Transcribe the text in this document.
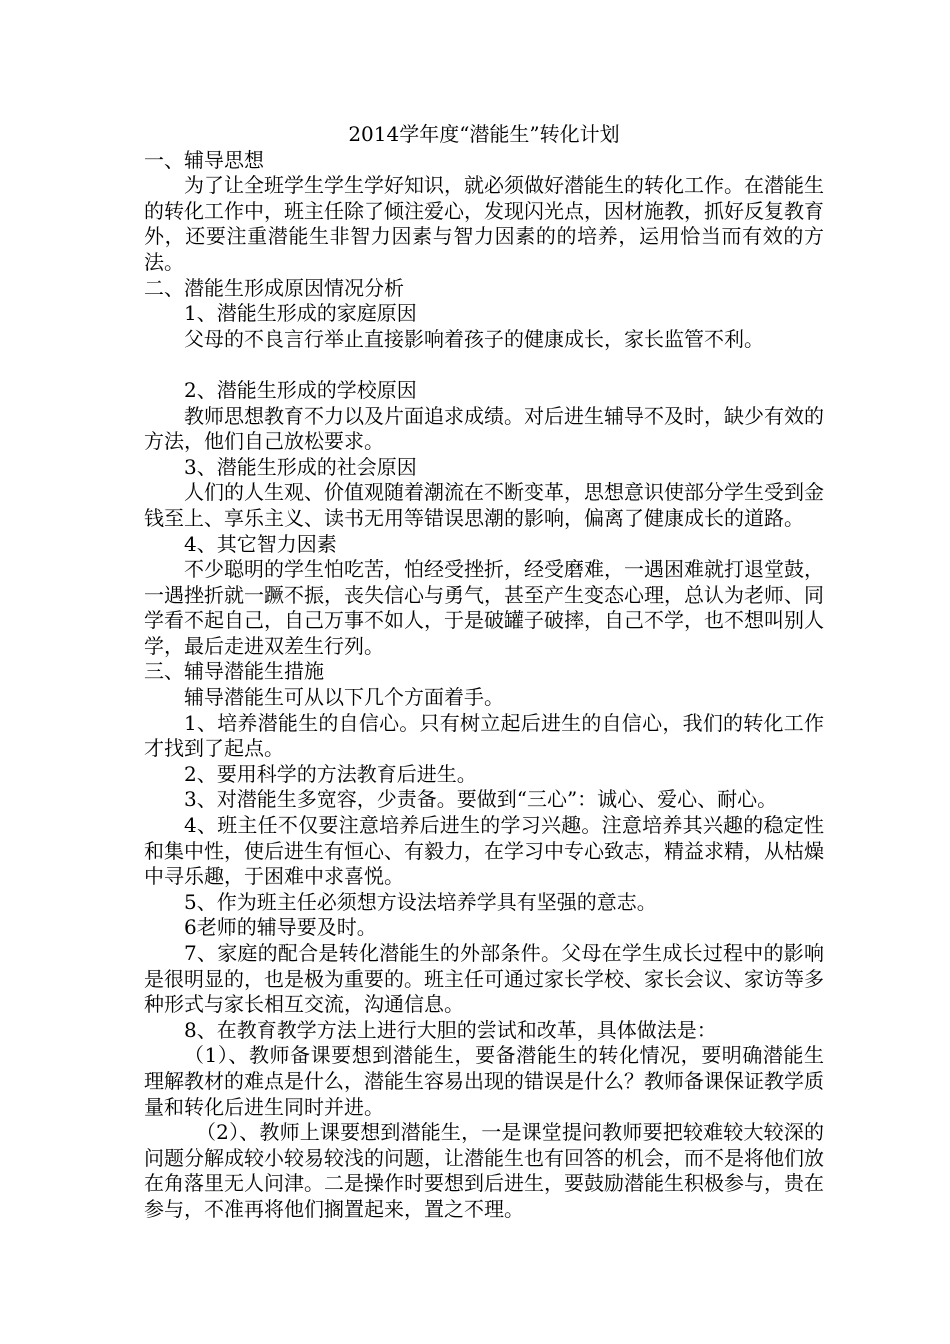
2014学年度“潜能生”转化计划

一、辅导思想

为了让全班学生学生学好知识，就必须做好潜能生的转化工作。在潜能生的转化工作中，班主任除了倾注爱心，发现闪光点，因材施教，抓好反复教育外，还要注重潜能生非智力因素与智力因素的的培养，运用恰当而有效的方法。

二、潜能生形成原因情况分析

1、潜能生形成的家庭原因

父母的不良言行举止直接影响着孩子的健康成长，家长监管不利。

2、潜能生形成的学校原因

教师思想教育不力以及片面追求成绩。对后进生辅导不及时，缺少有效的方法，他们自己放松要求。

3、潜能生形成的社会原因

人们的人生观、价值观随着潮流在不断变革，思想意识使部分学生受到金钱至上、享乐主义、读书无用等错误思潮的影响，偏离了健康成长的道路。

4、其它智力因素

不少聪明的学生怕吃苦，怕经受挫折，经受磨难，一遇困难就打退堂鼓，一遇挫折就一蹶不振，丧失信心与勇气，甚至产生变态心理，总认为老师、同学看不起自己，自己万事不如人，于是破罐子破摔，自己不学，也不想叫别人学，最后走进双差生行列。

三、辅导潜能生措施

辅导潜能生可从以下几个方面着手。

1、培养潜能生的自信心。只有树立起后进生的自信心，我们的转化工作才找到了起点。

2、要用科学的方法教育后进生。

3、对潜能生多宽容，少责备。要做到“三心”：诚心、爱心、耐心。

4、班主任不仅要注意培养后进生的学习兴趣。注意培养其兴趣的稳定性和集中性，使后进生有恒心、有毅力，在学习中专心致志，精益求精，从枯燥中寻乐趣，于困难中求喜悦。

5、作为班主任必须想方设法培养学具有坚强的意志。

6老师的辅导要及时。

7、家庭的配合是转化潜能生的外部条件。父母在学生成长过程中的影响是很明显的，也是极为重要的。班主任可通过家长学校、家长会议、家访等多种形式与家长相互交流，沟通信息。

8、在教育教学方法上进行大胆的尝试和改革，具体做法是：

（1）、教师备课要想到潜能生，要备潜能生的转化情况，要明确潜能生理解教材的难点是什么，潜能生容易出现的错误是什么？教师备课保证教学质量和转化后进生同时并进。

（2）、教师上课要想到潜能生，一是课堂提问教师要把较难较大较深的问题分解成较小较易较浅的问题，让潜能生也有回答的机会，而不是将他们放在角落里无人问津。二是操作时要想到后进生，要鼓励潜能生积极参与，贵在参与，不准再将他们搁置起来，置之不理。
